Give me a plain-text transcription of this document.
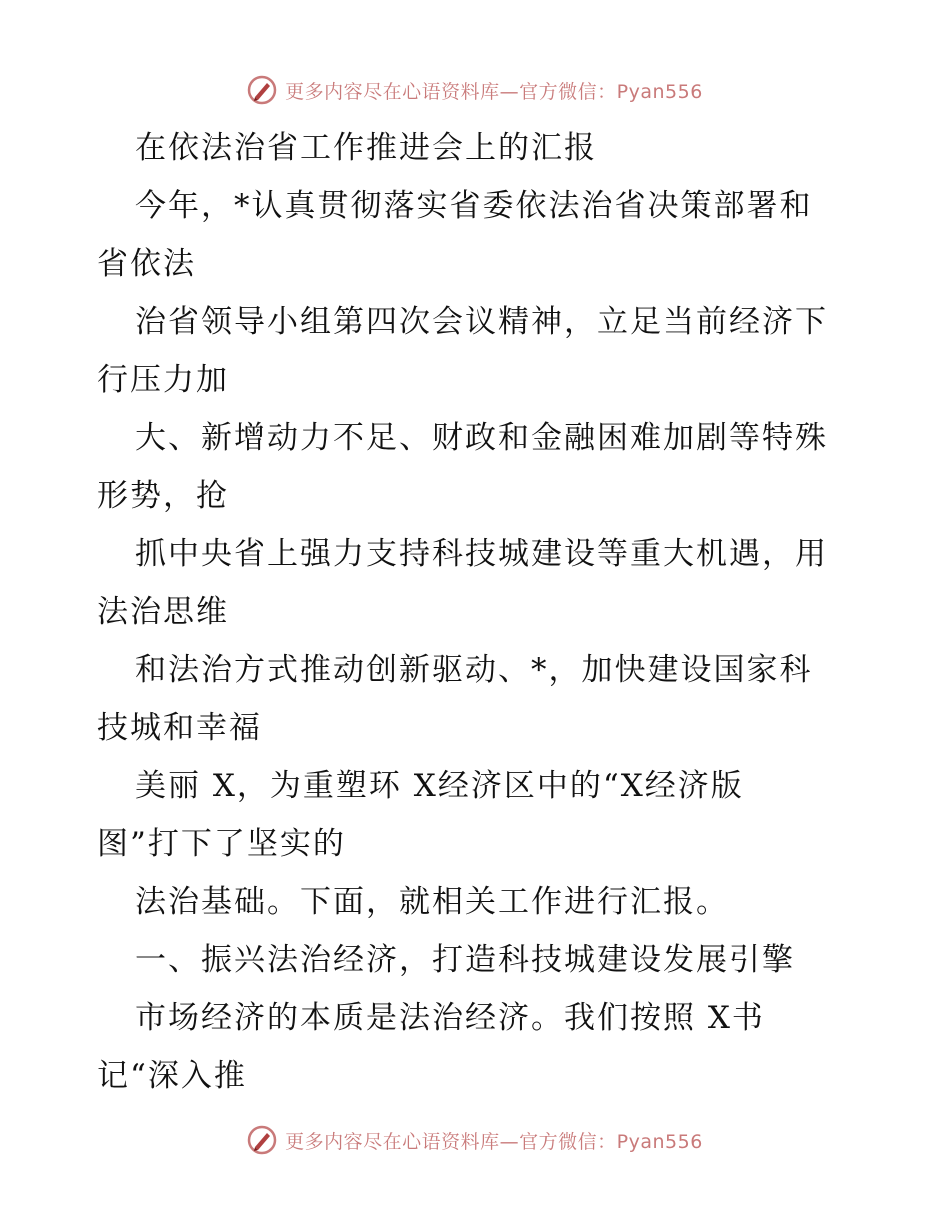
更多内容尽在心语资料库—官方微信：Pyan556
在依法治省工作推进会上的汇报
今年，*认真贯彻落实省委依法治省决策部署和
省依法
治省领导小组第四次会议精神，立足当前经济下
行压力加
大、新增动力不足、财政和金融困难加剧等特殊
形势，抢
抓中央省上强力支持科技城建设等重大机遇，用
法治思维
和法治方式推动创新驱动、*，加快建设国家科
技城和幸福
美丽 X，为重塑环 X经济区中的“X经济版
图”打下了坚实的
法治基础。下面，就相关工作进行汇报。
一、振兴法治经济，打造科技城建设发展引擎
市场经济的本质是法治经济。我们按照 X书
记“深入推
更多内容尽在心语资料库—官方微信：Pyan556
